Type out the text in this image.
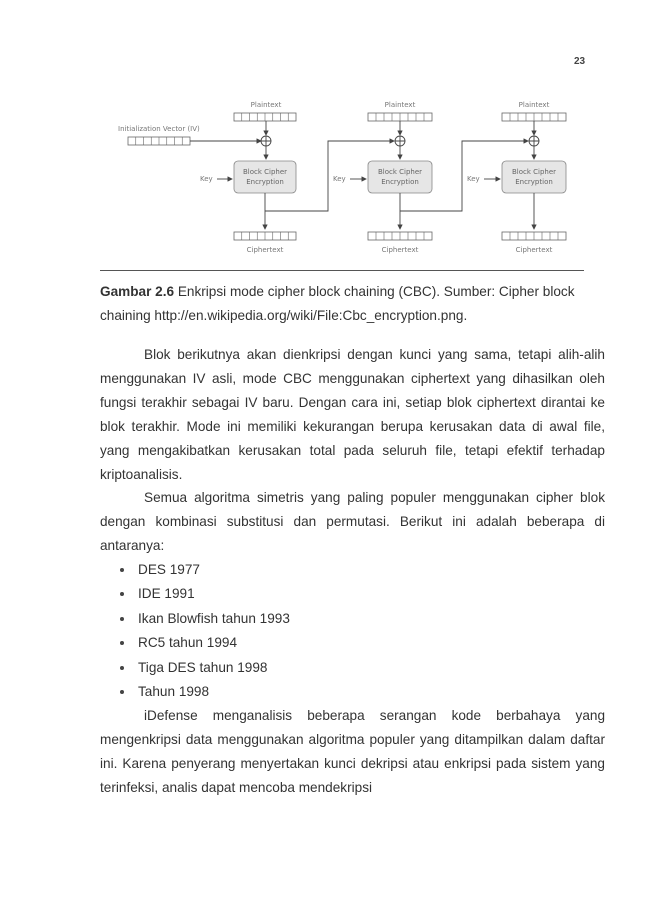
23
Plaintext	Plaintext	Plaintext
Initialization Vector (IV)
Block Cipher
Encryption
Block Cipher
Encryption
Block Cipher
Encryption
Key	Key	Key
Ciphertext	Ciphertext	Ciphertext
Gambar 2.6 Enkripsi mode cipher block chaining (CBC). Sumber: Cipher block chaining http://en.wikipedia.org/wiki/File:Cbc_encryption.png.
Blok berikutnya akan dienkripsi dengan kunci yang sama, tetapi alih-alih menggunakan IV asli, mode CBC menggunakan ciphertext yang dihasilkan oleh fungsi terakhir sebagai IV baru. Dengan cara ini, setiap blok ciphertext dirantai ke blok terakhir. Mode ini memiliki kekurangan berupa kerusakan data di awal file, yang mengakibatkan kerusakan total pada seluruh file, tetapi efektif terhadap kriptoanalisis.
Semua algoritma simetris yang paling populer menggunakan cipher blok dengan kombinasi substitusi dan permutasi. Berikut ini adalah beberapa di antaranya:
DES 1977
IDE 1991
Ikan Blowfish tahun 1993
RC5 tahun 1994
Tiga DES tahun 1998
Tahun 1998
iDefense menganalisis beberapa serangan kode berbahaya yang mengenkripsi data menggunakan algoritma populer yang ditampilkan dalam daftar ini. Karena penyerang menyertakan kunci dekripsi atau enkripsi pada sistem yang terinfeksi, analis dapat mencoba mendekripsi
